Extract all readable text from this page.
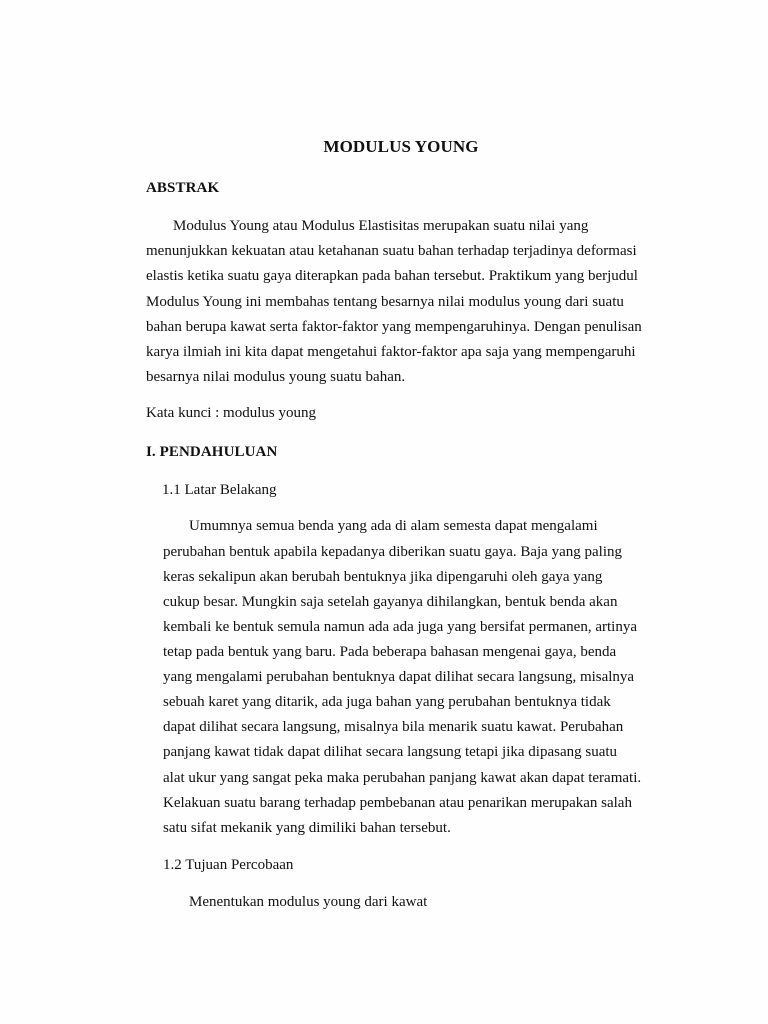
MODULUS YOUNG
ABSTRAK
Modulus Young atau Modulus Elastisitas merupakan suatu nilai yang
menunjukkan kekuatan atau ketahanan suatu bahan terhadap terjadinya deformasi
elastis ketika suatu gaya diterapkan pada bahan tersebut. Praktikum yang berjudul
Modulus Young ini membahas tentang besarnya nilai modulus young dari suatu
bahan berupa kawat serta faktor-faktor yang mempengaruhinya. Dengan penulisan
karya ilmiah ini kita dapat mengetahui faktor-faktor apa saja yang mempengaruhi
besarnya nilai modulus young suatu bahan.
Kata kunci : modulus young
I. PENDAHULUAN
1.1 Latar Belakang
Umumnya semua benda yang ada di alam semesta dapat mengalami
perubahan bentuk apabila kepadanya diberikan suatu gaya. Baja yang paling
keras sekalipun akan berubah bentuknya jika dipengaruhi oleh gaya yang
cukup besar. Mungkin saja setelah gayanya dihilangkan, bentuk benda akan
kembali ke bentuk semula namun ada ada juga yang bersifat permanen, artinya
tetap pada bentuk yang baru. Pada beberapa bahasan mengenai gaya, benda
yang mengalami perubahan bentuknya dapat dilihat secara langsung, misalnya
sebuah karet yang ditarik, ada juga bahan yang perubahan bentuknya tidak
dapat dilihat secara langsung, misalnya bila menarik suatu kawat. Perubahan
panjang kawat tidak dapat dilihat secara langsung tetapi jika dipasang suatu
alat ukur yang sangat peka maka perubahan panjang kawat akan dapat teramati.
Kelakuan suatu barang terhadap pembebanan atau penarikan merupakan salah
satu sifat mekanik yang dimiliki bahan tersebut.
1.2 Tujuan Percobaan
Menentukan modulus young dari kawat
